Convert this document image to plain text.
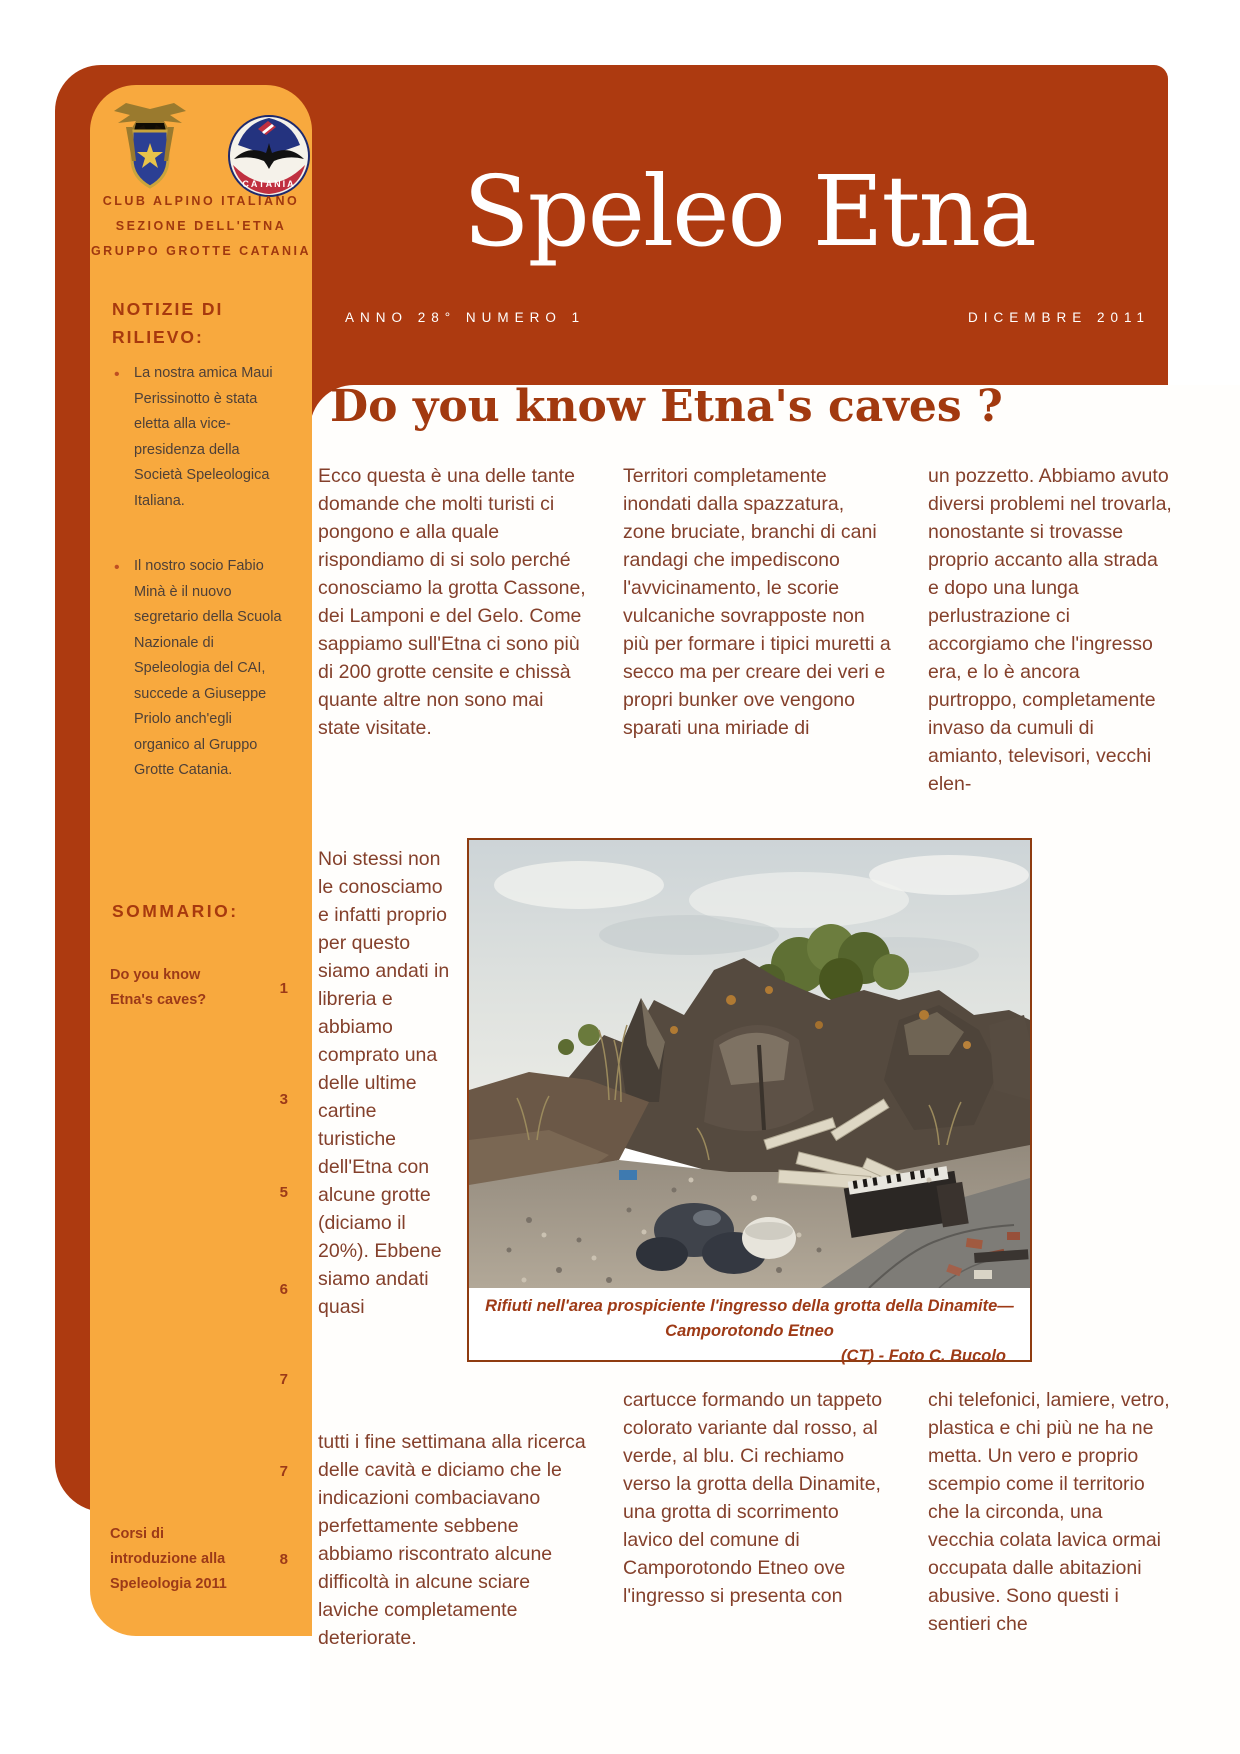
Speleo Etna
ANNO 28° NUMERO 1	DICEMBRE 2011
CATANIA
CLUB ALPINO ITALIANO
SEZIONE DELL'ETNA
GRUPPO GROTTE CATANIA
NOTIZIE DI RILIEVO:
• La nostra amica Maui Perissinotto è stata eletta alla vice-presidenza della Società Speleologica Italiana.
• Il nostro socio Fabio Minà è il nuovo segretario della Scuola Nazionale di Speleologia del CAI, succede a Giuseppe Priolo anch'egli organico al Gruppo Grotte Catania.
SOMMARIO:
Do you know Etna's caves?
1
3
5
6
7
7
Corsi di introduzione alla Speleologia 2011
8
Do you know Etna's caves ?
Ecco questa è una delle tante domande che molti turisti ci pongono e alla quale rispondiamo di si solo perché conosciamo la grotta Cassone, dei Lamponi e del Gelo. Come sappiamo sull'Etna ci sono più di 200 grotte censite e chissà quante altre non sono mai state visitate.
Territori completamente inondati dalla spazzatura, zone bruciate, branchi di cani randagi che impediscono l'avvicinamento, le scorie vulcaniche sovrapposte non più per formare i tipici muretti a secco ma per creare dei veri e propri bunker ove vengono sparati una miriade di
un pozzetto. Abbiamo avuto diversi problemi nel trovarla, nonostante si trovasse proprio accanto alla strada e dopo una lunga perlustrazione ci accorgiamo che l'ingresso era, e lo è ancora purtroppo, completamente invaso da cumuli di amianto, televisori, vecchi elen-
Noi stessi non le conosciamo e infatti proprio per questo siamo andati in libreria e abbiamo comprato una delle ultime cartine turistiche dell'Etna con alcune grotte (diciamo il 20%). Ebbene siamo andati quasi
tutti i fine settimana alla ricerca delle cavità e diciamo che le indicazioni combaciavano perfettamente sebbene abbiamo riscontrato alcune difficoltà in alcune sciare laviche completamente deteriorate.
cartucce formando un tappeto colorato variante dal rosso, al verde, al blu. Ci rechiamo verso la grotta della Dinamite, una grotta di scorrimento lavico del comune di Camporotondo Etneo ove l'ingresso si presenta con
chi telefonici, lamiere, vetro, plastica e chi più ne ha ne metta. Un vero e proprio scempio come il territorio che la circonda, una vecchia colata lavica ormai occupata dalle abitazioni abusive. Sono questi i sentieri che
Rifiuti nell'area prospiciente l'ingresso della grotta della Dinamite—Camporotondo Etneo
(CT) - Foto C. Bucolo
